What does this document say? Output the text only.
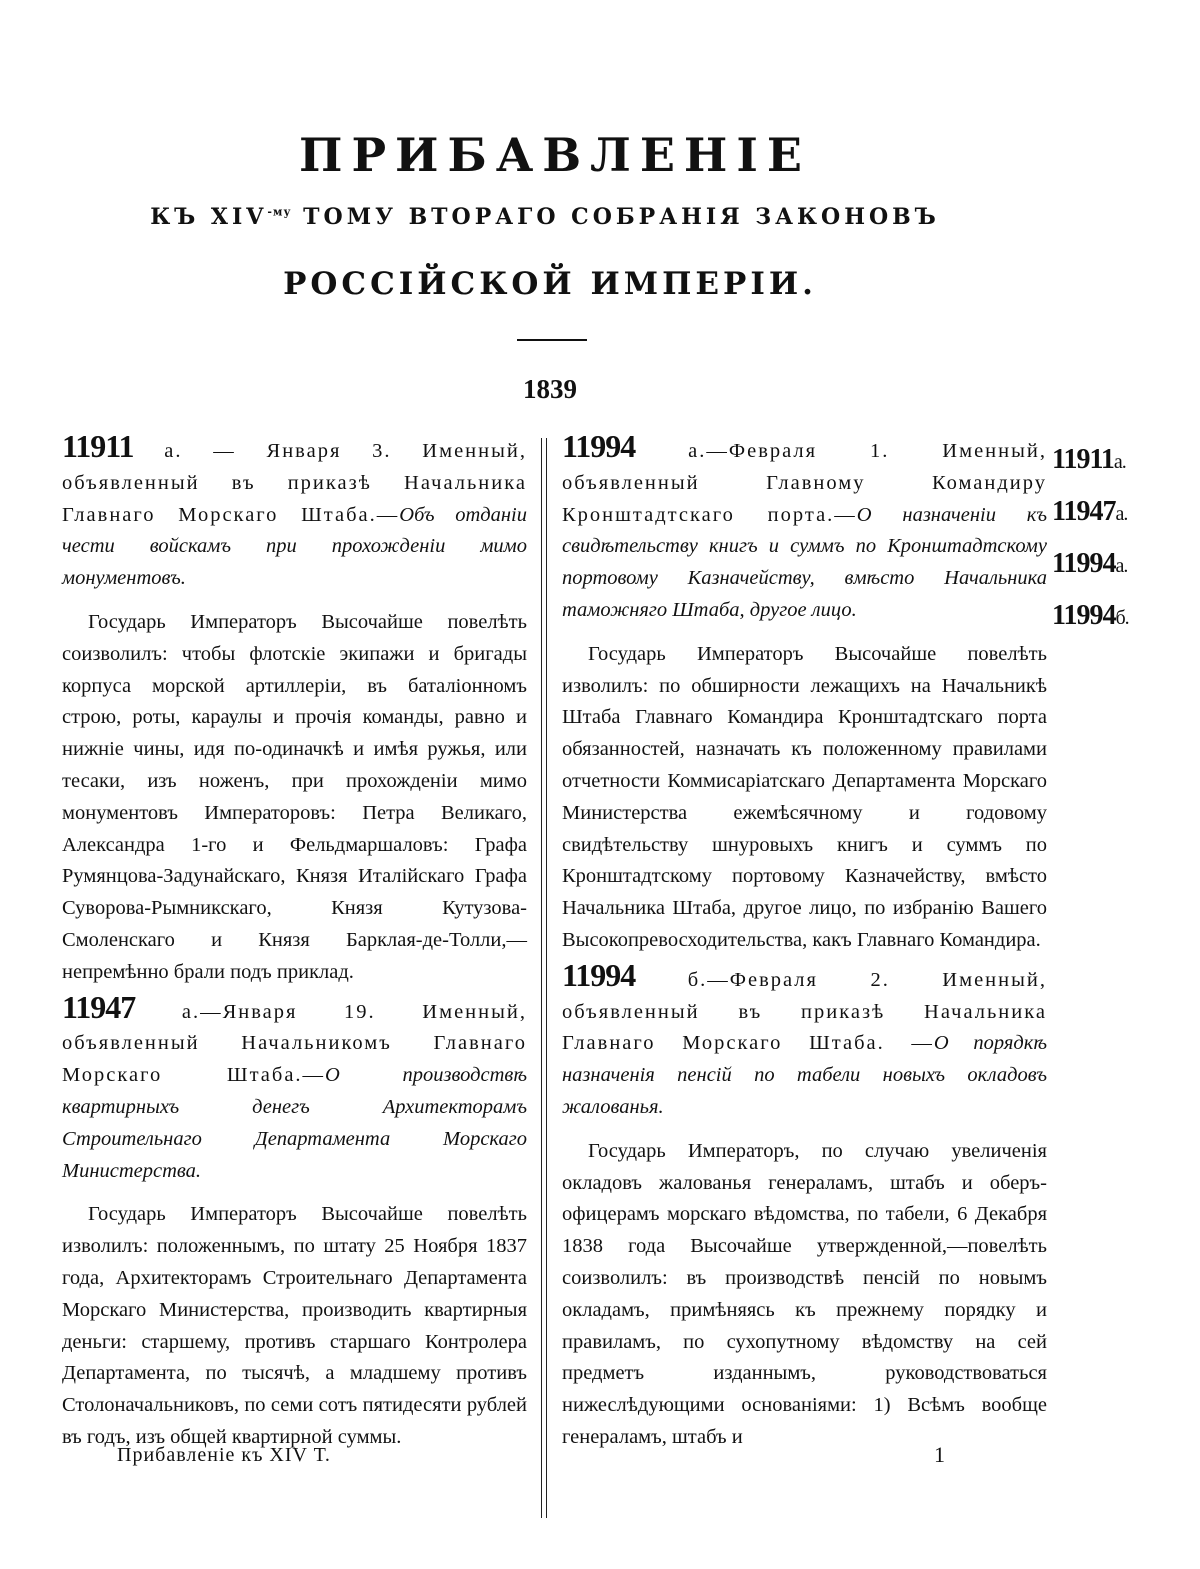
ПРИБАВЛЕНІЕ
КЪ $XIV^{-му}$ ТОМУ ВТОРАГО СОБРАНІЯ ЗАКОНОВЪ
РОССІЙСКОЙ ИМПЕРІИ.
1839

11911 а. — Января 3. Именный, объявленный въ приказѣ Начальника Главнаго Морскаго Штаба.—Объ отданіи чести войскамъ при прохожденіи мимо монументовъ.

Государь Императоръ Высочайше повелѣть соизволилъ: чтобы флотскіе экипажи и бригады корпуса морской артиллеріи, въ баталіонномъ строю, роты, караулы и прочія команды, равно и нижніе чины, идя по-одиначкѣ и имѣя ружья, или тесаки, изъ ноженъ, при прохожденіи мимо монументовъ Императоровъ: Петра Великаго, Александра 1-го и Фельдмаршаловъ: Графа Румянцова-Задунайскаго, Князя Италійскаго Графа Суворова-Рымникскаго, Князя Кутузова-Смоленскаго и Князя Барклая-де-Толли,—непремѣнно брали подъ приклад.

11947 а.—Января 19. Именный, объявленный Начальникомъ Главнаго Морскаго Штаба.—О производствѣ квартирныхъ денегъ Архитекторамъ Строительнаго Департамента Морскаго Министерства.

Государь Императоръ Высочайше повелѣть изволилъ: положеннымъ, по штату 25 Ноября 1837 года, Архитекторамъ Строительнаго Департамента Морскаго Министерства, производить квартирныя деньги: старшему, противъ старшаго Контролера Департамента, по тысячѣ, а младшему противъ Столоначальниковъ, по семи сотъ пятидесяти рублей въ годъ, изъ общей квартирной суммы.

11994 а.—Февраля 1. Именный, объявленный Главному Командиру Кронштадтскаго порта.—О назначеніи къ свидѣтельству книгъ и суммъ по Кронштадтскому портовому Казначейству, вмѣсто Начальника таможняго Штаба, другое лицо.

Государь Императоръ Высочайше повелѣть изволилъ: по обширности лежащихъ на Начальникѣ Штаба Главнаго Командира Кронштадтскаго порта обязанностей, назначать къ положенному правилами отчетности Коммисаріатскаго Департамента Морскаго Министерства ежемѣсячному и годовому свидѣтельству шнуровыхъ книгъ и суммъ по Кронштадтскому портовому Казначейству, вмѣсто Начальника Штаба, другое лицо, по избранію Вашего Высокопревосходительства, какъ Главнаго Командира.

11994 б.—Февраля 2. Именный, объявленный въ приказѣ Начальника Главнаго Морскаго Штаба. —О порядкѣ назначенія пенсій по табели новыхъ окладовъ жалованья.

Государь Императоръ, по случаю увеличенія окладовъ жалованья генераламъ, штабъ и оберъ-офицерамъ морскаго вѣдомства, по табели, 6 Декабря 1838 года Высочайше утвержденной,—повелѣть соизволилъ: въ производствѣ пенсій по новымъ окладамъ, примѣняясь къ прежнему порядку и правиламъ, по сухопутному вѣдомству на сей предметъ изданнымъ, руководствоваться нижеслѣдующими основаніями: 1) Всѣмъ вообще генераламъ, штабъ и

11911а.
11947а.
11994а.
11994б.
Прибавленіе къ XIV Т.	1
